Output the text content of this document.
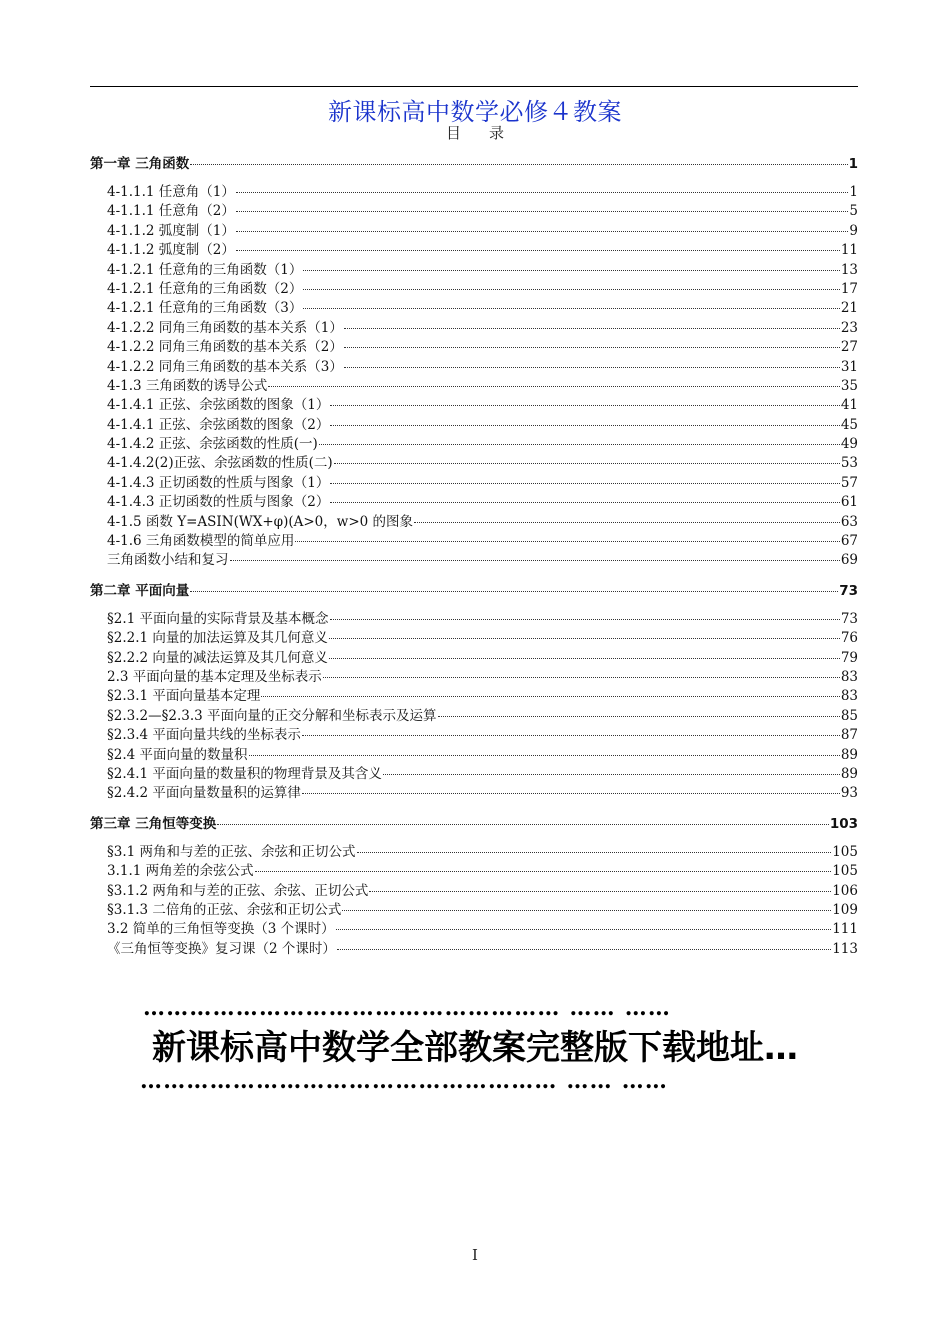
新课标高中数学必修４教案
目录
第一章 三角函数	1
4-1.1.1 任意角（1）	1
4-1.1.1 任意角（2）	5
4-1.1.2 弧度制（1）	9
4-1.1.2 弧度制（2）	11
4-1.2.1 任意角的三角函数（1）	13
4-1.2.1 任意角的三角函数（2）	17
4-1.2.1 任意角的三角函数（3）	21
4-1.2.2 同角三角函数的基本关系（1）	23
4-1.2.2 同角三角函数的基本关系（2）	27
4-1.2.2 同角三角函数的基本关系（3）	31
4-1.3 三角函数的诱导公式	35
4-1.4.1 正弦、余弦函数的图象（1）	41
4-1.4.1 正弦、余弦函数的图象（2）	45
4-1.4.2 正弦、余弦函数的性质(一)	49
4-1.4.2(2)正弦、余弦函数的性质(二)	53
4-1.4.3 正切函数的性质与图象（1）	57
4-1.4.3 正切函数的性质与图象（2）	61
4-1.5 函数 Y=ASIN(WX+φ)(A>0，w>0 的图象	63
4-1.6 三角函数模型的简单应用	67
三角函数小结和复习	69
第二章 平面向量	73
§2.1 平面向量的实际背景及基本概念	73
§2.2.1 向量的加法运算及其几何意义	76
§2.2.2 向量的减法运算及其几何意义	79
2.3 平面向量的基本定理及坐标表示	83
§2.3.1 平面向量基本定理	83
§2.3.2—§2.3.3 平面向量的正交分解和坐标表示及运算	85
§2.3.4 平面向量共线的坐标表示	87
§2.4 平面向量的数量积	89
§2.4.1 平面向量的数量积的物理背景及其含义	89
§2.4.2 平面向量数量积的运算律	93
第三章 三角恒等变换	103
§3.1 两角和与差的正弦、余弦和正切公式	105
3.1.1 两角差的余弦公式	105
§3.1.2 两角和与差的正弦、余弦、正切公式	106
§3.1.3 二倍角的正弦、余弦和正切公式	109
3.2 简单的三角恒等变换（3 个课时）	111
《三角恒等变换》复习课（2 个课时）	113
……………………………………………… …… ……
新课标高中数学全部教案完整版下载地址…
……………………………………………… …… ……
I
